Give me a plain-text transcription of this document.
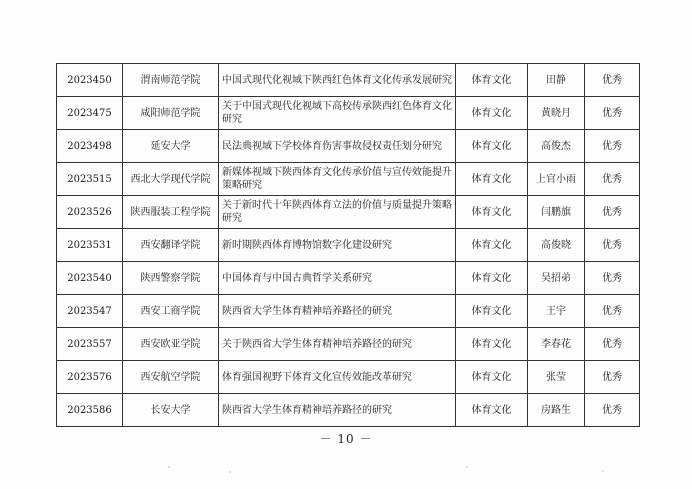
2023450	渭南师范学院	中国式现代化视域下陕西红色体育文化传承发展研究	体育文化	田静	优秀
2023475	咸阳师范学院	关于中国式现代化视域下高校传承陕西红色体育文化研究	体育文化	黄晓月	优秀
2023498	延安大学	民法典视域下学校体育伤害事故侵权责任划分研究	体育文化	高俊杰	优秀
2023515	西北大学现代学院	新媒体视域下陕西体育文化传承价值与宣传效能提升策略研究	体育文化	上官小雨	优秀
2023526	陕西服装工程学院	关于新时代十年陕西体育立法的价值与质量提升策略研究	体育文化	闫鹏旗	优秀
2023531	西安翻译学院	新时期陕西体育博物馆数字化建设研究	体育文化	高俊晓	优秀
2023540	陕西警察学院	中国体育与中国古典哲学关系研究	体育文化	吴招弟	优秀
2023547	西安工商学院	陕西省大学生体育精神培养路径的研究	体育文化	王宇	优秀
2023557	西安欧亚学院	关于陕西省大学生体育精神培养路径的研究	体育文化	李春花	优秀
2023576	西安航空学院	体育强国视野下体育文化宣传效能改革研究	体育文化	张莹	优秀
2023586	长安大学	陕西省大学生体育精神培养路径的研究	体育文化	房路生	优秀
－ 10 －
